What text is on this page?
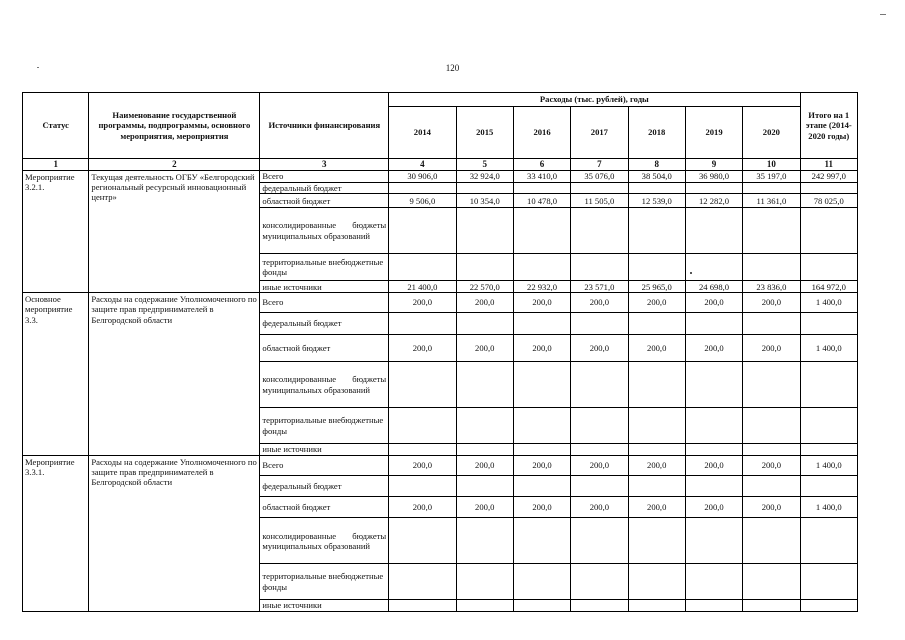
120
Статус	Наименование государственной программы, подпрограммы, основного мероприятия, мероприятия	Источники финансирования	Расходы (тыс. рублей), годы							Итого на 1 этапе (2014-2020 годы)
			2014	2015	2016	2017	2018	2019	2020	
1	2	3	4	5	6	7	8	9	10	11
Мероприятие 3.2.1.	Текущая деятельность ОГБУ «Белгородский региональный ресурсный инновационный центр»	Всего	30 906,0	32 924,0	33 410,0	35 076,0	38 504,0	36 980,0	35 197,0	242 997,0
		федеральный бюджет								
		областной бюджет	9 506,0	10 354,0	10 478,0	11 505,0	12 539,0	12 282,0	11 361,0	78 025,0
		консолидированные бюджеты муниципальных образований								
		территориальные внебюджетные фонды								
		иные источники	21 400,0	22 570,0	22 932,0	23 571,0	25 965,0	24 698,0	23 836,0	164 972,0
Основное мероприятие 3.3.	Расходы на содержание Уполномоченного по защите прав предпринимателей в Белгородской области	Всего	200,0	200,0	200,0	200,0	200,0	200,0	200,0	1 400,0
		федеральный бюджет								
		областной бюджет	200,0	200,0	200,0	200,0	200,0	200,0	200,0	1 400,0
		консолидированные бюджеты муниципальных образований								
		территориальные внебюджетные фонды								
		иные источники								
Мероприятие 3.3.1.	Расходы на содержание Уполномоченного по защите прав предпринимателей в Белгородской области	Всего	200,0	200,0	200,0	200,0	200,0	200,0	200,0	1 400,0
		федеральный бюджет								
		областной бюджет	200,0	200,0	200,0	200,0	200,0	200,0	200,0	1 400,0
		консолидированные бюджеты муниципальных образований								
		территориальные внебюджетные фонды								
		иные источники								
